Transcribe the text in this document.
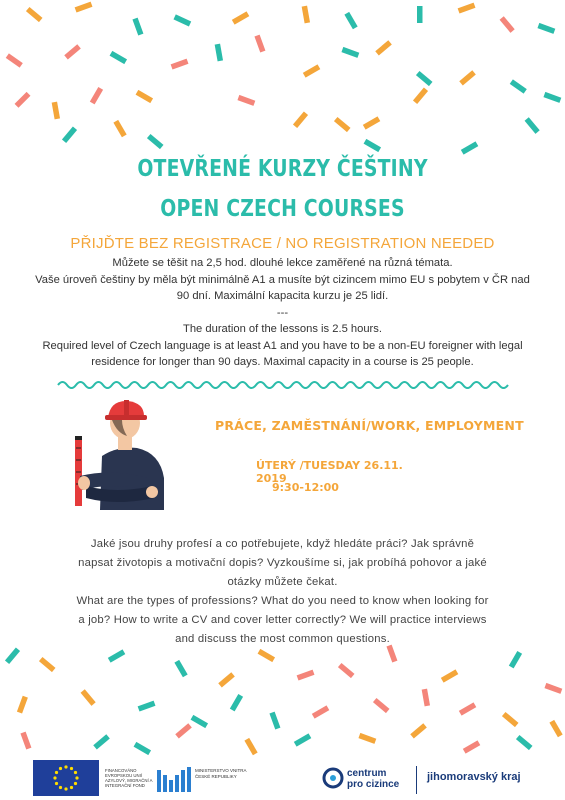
OTEVŘENÉ KURZY ČEŠTINY
OPEN CZECH COURSES
PŘIJĎTE BEZ REGISTRACE / NO REGISTRATION NEEDED

Můžete se těšit na 2,5 hod. dlouhé lekce zaměřené na různá témata.

Vaše úroveň češtiny by měla být minimálně A1 a musíte být cizincem mimo EU s pobytem v ČR nad

90 dní. Maximální kapacita kurzu je 25 lidí.

---

The duration of the lessons is 2.5 hours.

Required level of Czech language is at least A1 and you have to be a non-EU foreigner with legal

residence for longer than 90 days. Maximal capacity in a course is 25 people.

PRÁCE, ZAMĚSTNÁNÍ/WORK, EMPLOYMENT
ÚTERÝ /TUESDAY 26.11. 2019
9:30-12:00

Jaké jsou druhy profesí a co potřebujete, když hledáte práci? Jak správně

napsat životopis a motivační dopis? Vyzkoušíme si, jak probíhá pohovor a jaké

otázky můžete čekat.

What are the types of professions? What do you need to know when looking for

a job? How to write a CV and cover letter correctly? We will practice interviews

and discuss the most common questions.

FINANCOVÁNO EVROPSKOU UNIÍ AZYLOVÝ, MIGRAČNÍ A INTEGRAČNÍ FOND
MINISTERSTVO VNITRA ČESKÉ REPUBLIKY	centrum
pro cizince
jihomoravský kraj
